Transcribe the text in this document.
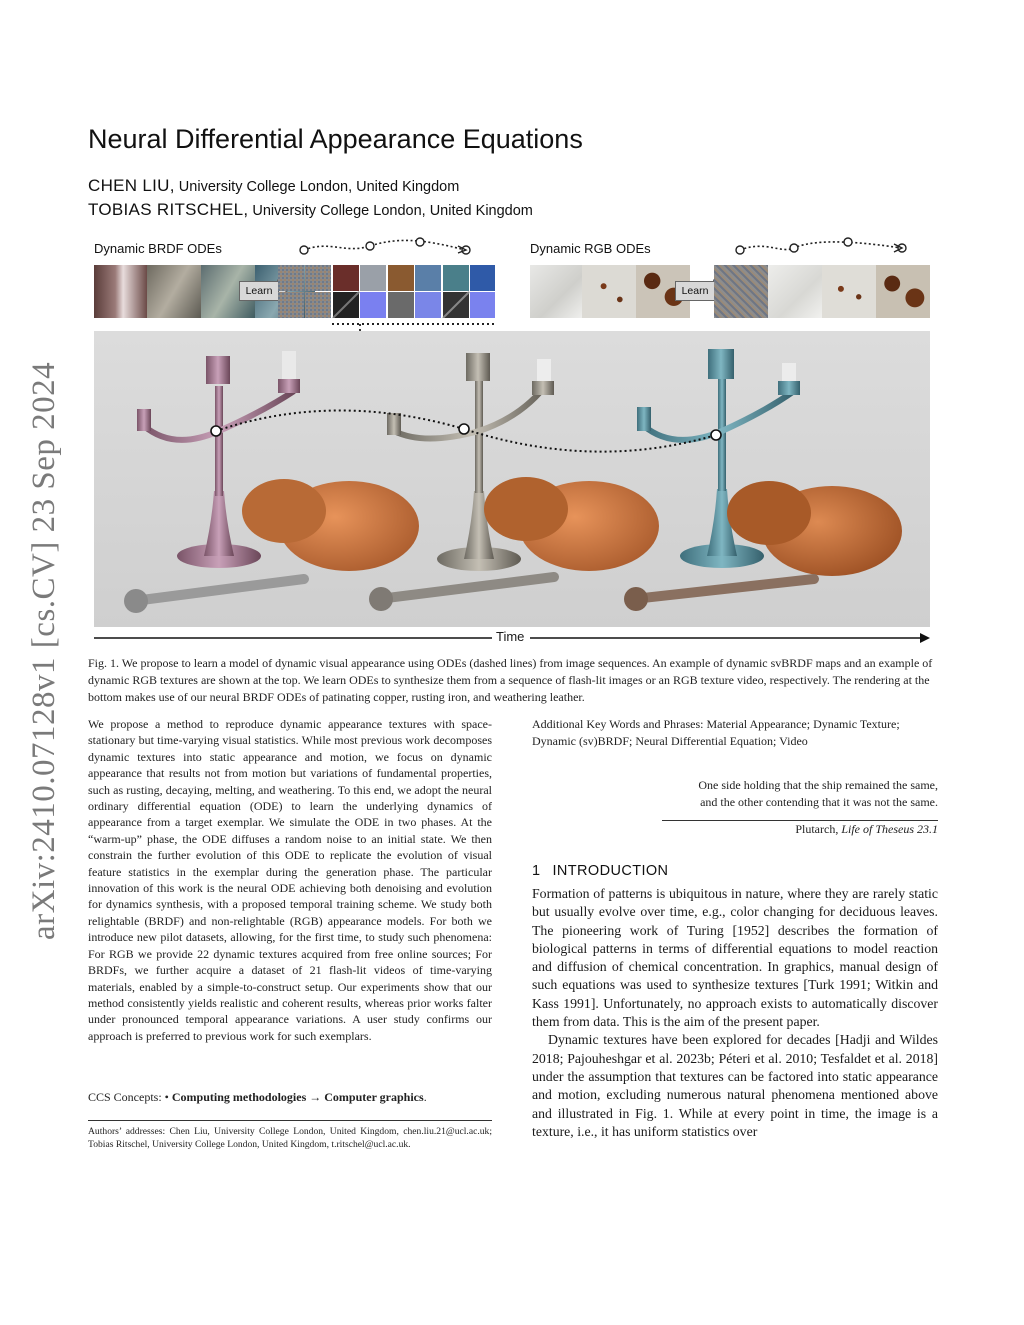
arXiv:2410.07128v1 [cs.CV] 23 Sep 2024
Neural Differential Appearance Equations
CHEN LIU, University College London, United Kingdom
TOBIAS RITSCHEL, University College London, United Kingdom
Dynamic BRDF ODEs	Dynamic RGB ODEs
Learn	Learn
Time
Fig. 1. We propose to learn a model of dynamic visual appearance using ODEs (dashed lines) from image sequences. An example of dynamic svBRDF maps and an example of dynamic RGB textures are shown at the top. We learn ODEs to synthesize them from a sequence of flash-lit images or an RGB texture video, respectively. The rendering at the bottom makes use of our neural BRDF ODEs of patinating copper, rusting iron, and weathering leather.

We propose a method to reproduce dynamic appearance textures with space-stationary but time-varying visual statistics. While most previous work decomposes dynamic textures into static appearance and motion, we focus on dynamic appearance that results not from motion but variations of fundamental properties, such as rusting, decaying, melting, and weathering. To this end, we adopt the neural ordinary differential equation (ODE) to learn the underlying dynamics of appearance from a target exemplar. We simulate the ODE in two phases. At the “warm-up” phase, the ODE diffuses a random noise to an initial state. We then constrain the further evolution of this ODE to replicate the evolution of visual feature statistics in the exemplar during the generation phase. The particular innovation of this work is the neural ODE achieving both denoising and evolution for dynamics synthesis, with a proposed temporal training scheme. We study both relightable (BRDF) and non-relightable (RGB) appearance models. For both we introduce new pilot datasets, allowing, for the first time, to study such phenomena: For RGB we provide 22 dynamic textures acquired from free online sources; For BRDFs, we further acquire a dataset of 21 flash-lit videos of time-varying materials, enabled by a simple-to-construct setup. Our experiments show that our method consistently yields realistic and coherent results, whereas prior works falter under pronounced temporal appearance variations. A user study confirms our approach is preferred to previous work for such exemplars.

CCS Concepts: • Computing methodologies → Computer graphics.
Authors’ addresses: Chen Liu, University College London, United Kingdom, chen.liu.21@ucl.ac.uk; Tobias Ritschel, University College London, United Kingdom, t.ritschel@ucl.ac.uk.
Additional Key Words and Phrases: Material Appearance; Dynamic Texture; Dynamic (sv)BRDF; Neural Differential Equation; Video
One side holding that the ship remained the same,
and the other contending that it was not the same.
Plutarch, Life of Theseus 23.1
1 INTRODUCTION

Formation of patterns is ubiquitous in nature, where they are rarely static but usually evolve over time, e.g., color changing for deciduous leaves. The pioneering work of Turing [1952] describes the formation of biological patterns in terms of differential equations to model reaction and diffusion of chemical concentration. In graphics, manual design of such equations was used to synthesize textures [Turk 1991; Witkin and Kass 1991]. Unfortunately, no approach exists to automatically discover them from data. This is the aim of the present paper.

Dynamic textures have been explored for decades [Hadji and Wildes 2018; Pajouheshgar et al. 2023b; Péteri et al. 2010; Tesfaldet et al. 2018] under the assumption that textures can be factored into static appearance and motion, excluding numerous natural phenomena mentioned above and illustrated in Fig. 1. While at every point in time, the image is a texture, i.e., it has uniform statistics over
